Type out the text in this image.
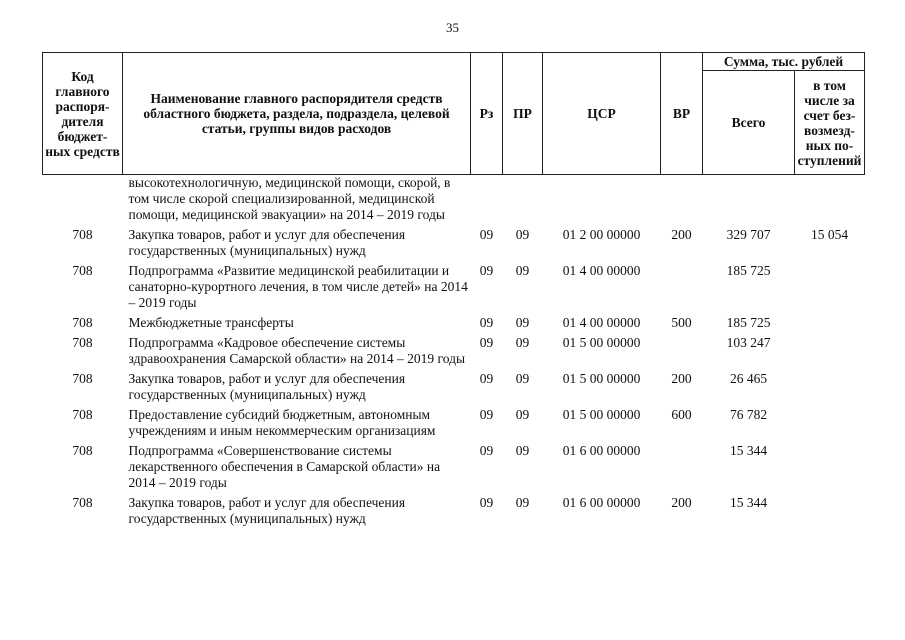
35
Код главного распоря- дителя бюджет- ных средств	Наименование главного распорядителя средств областного бюджета, раздела, подраздела, целевой статьи, группы видов расходов	Рз	ПР	ЦСР	ВР	Сумма, тыс. рублей	
						Всего	в том числе за счет без- возмезд- ных по- ступлений
	высокотехнологичную, медицинской помощи, скорой, в том числе скорой специализированной, медицинской помощи, медицинской эвакуации» на 2014 – 2019 годы						
708	Закупка товаров, работ и услуг для обеспечения государственных (муниципальных) нужд	09	09	01 2 00 00000	200	329 707	15 054
708	Подпрограмма «Развитие медицинской реабилитации и санаторно-курортного лечения, в том числе детей» на 2014 – 2019 годы	09	09	01 4 00 00000		185 725	
708	Межбюджетные трансферты	09	09	01 4 00 00000	500	185 725	
708	Подпрограмма «Кадровое обеспечение системы здравоохранения Самарской области» на 2014 – 2019 годы	09	09	01 5 00 00000		103 247	
708	Закупка товаров, работ и услуг для обеспечения государственных (муниципальных) нужд	09	09	01 5 00 00000	200	26 465	
708	Предоставление субсидий бюджетным, автономным учреждениям и иным некоммерческим организациям	09	09	01 5 00 00000	600	76 782	
708	Подпрограмма «Совершенствование системы лекарственного обеспечения в Самарской области» на 2014 – 2019 годы	09	09	01 6 00 00000		15 344	
708	Закупка товаров, работ и услуг для обеспечения государственных (муниципальных) нужд	09	09	01 6 00 00000	200	15 344	
